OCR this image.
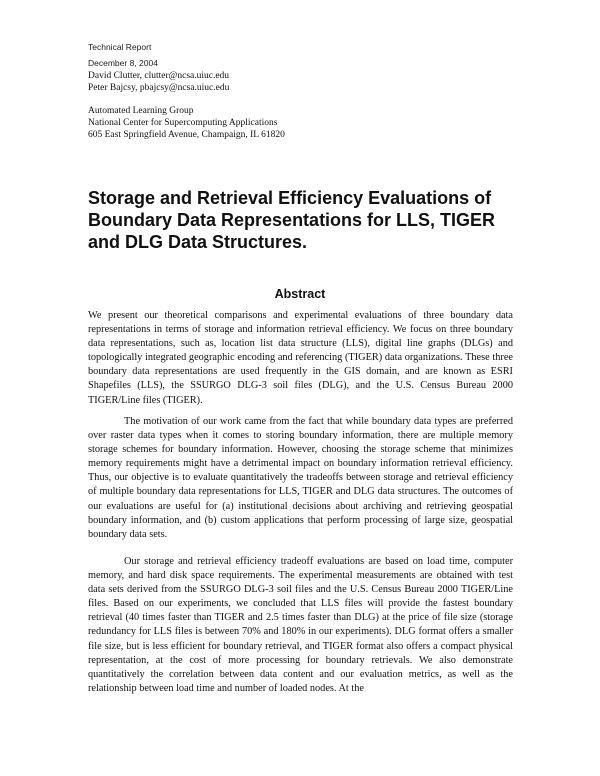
Technical Report
December 8, 2004
David Clutter, clutter@ncsa.uiuc.edu
Peter Bajcsy, pbajcsy@ncsa.uiuc.edu
Automated Learning Group
National Center for Supercomputing Applications
605 East Springfield Avenue, Champaign, IL 61820
Storage and Retrieval Efficiency Evaluations of Boundary Data Representations for LLS, TIGER and DLG Data Structures.
Abstract

We present our theoretical comparisons and experimental evaluations of three boundary data representations in terms of storage and information retrieval efficiency. We focus on three boundary data representations, such as, location list data structure (LLS), digital line graphs (DLGs) and topologically integrated geographic encoding and referencing (TIGER) data organizations. These three boundary data representations are used frequently in the GIS domain, and are known as ESRI Shapefiles (LLS), the SSURGO DLG-3 soil files (DLG), and the U.S. Census Bureau 2000 TIGER/Line files (TIGER).

The motivation of our work came from the fact that while boundary data types are preferred over raster data types when it comes to storing boundary information, there are multiple memory storage schemes for boundary information. However, choosing the storage scheme that minimizes memory requirements might have a detrimental impact on boundary information retrieval efficiency. Thus, our objective is to evaluate quantitatively the tradeoffs between storage and retrieval efficiency of multiple boundary data representations for LLS, TIGER and DLG data structures. The outcomes of our evaluations are useful for (a) institutional decisions about archiving and retrieving geospatial boundary information, and (b) custom applications that perform processing of large size, geospatial boundary data sets.

Our storage and retrieval efficiency tradeoff evaluations are based on load time, computer memory, and hard disk space requirements. The experimental measurements are obtained with test data sets derived from the SSURGO DLG-3 soil files and the U.S. Census Bureau 2000 TIGER/Line files. Based on our experiments, we concluded that LLS files will provide the fastest boundary retrieval (40 times faster than TIGER and 2.5 times faster than DLG) at the price of file size (storage redundancy for LLS files is between 70% and 180% in our experiments). DLG format offers a smaller file size, but is less efficient for boundary retrieval, and TIGER format also offers a compact physical representation, at the cost of more processing for boundary retrievals. We also demonstrate quantitatively the correlation between data content and our evaluation metrics, as well as the relationship between load time and number of loaded nodes. At the
